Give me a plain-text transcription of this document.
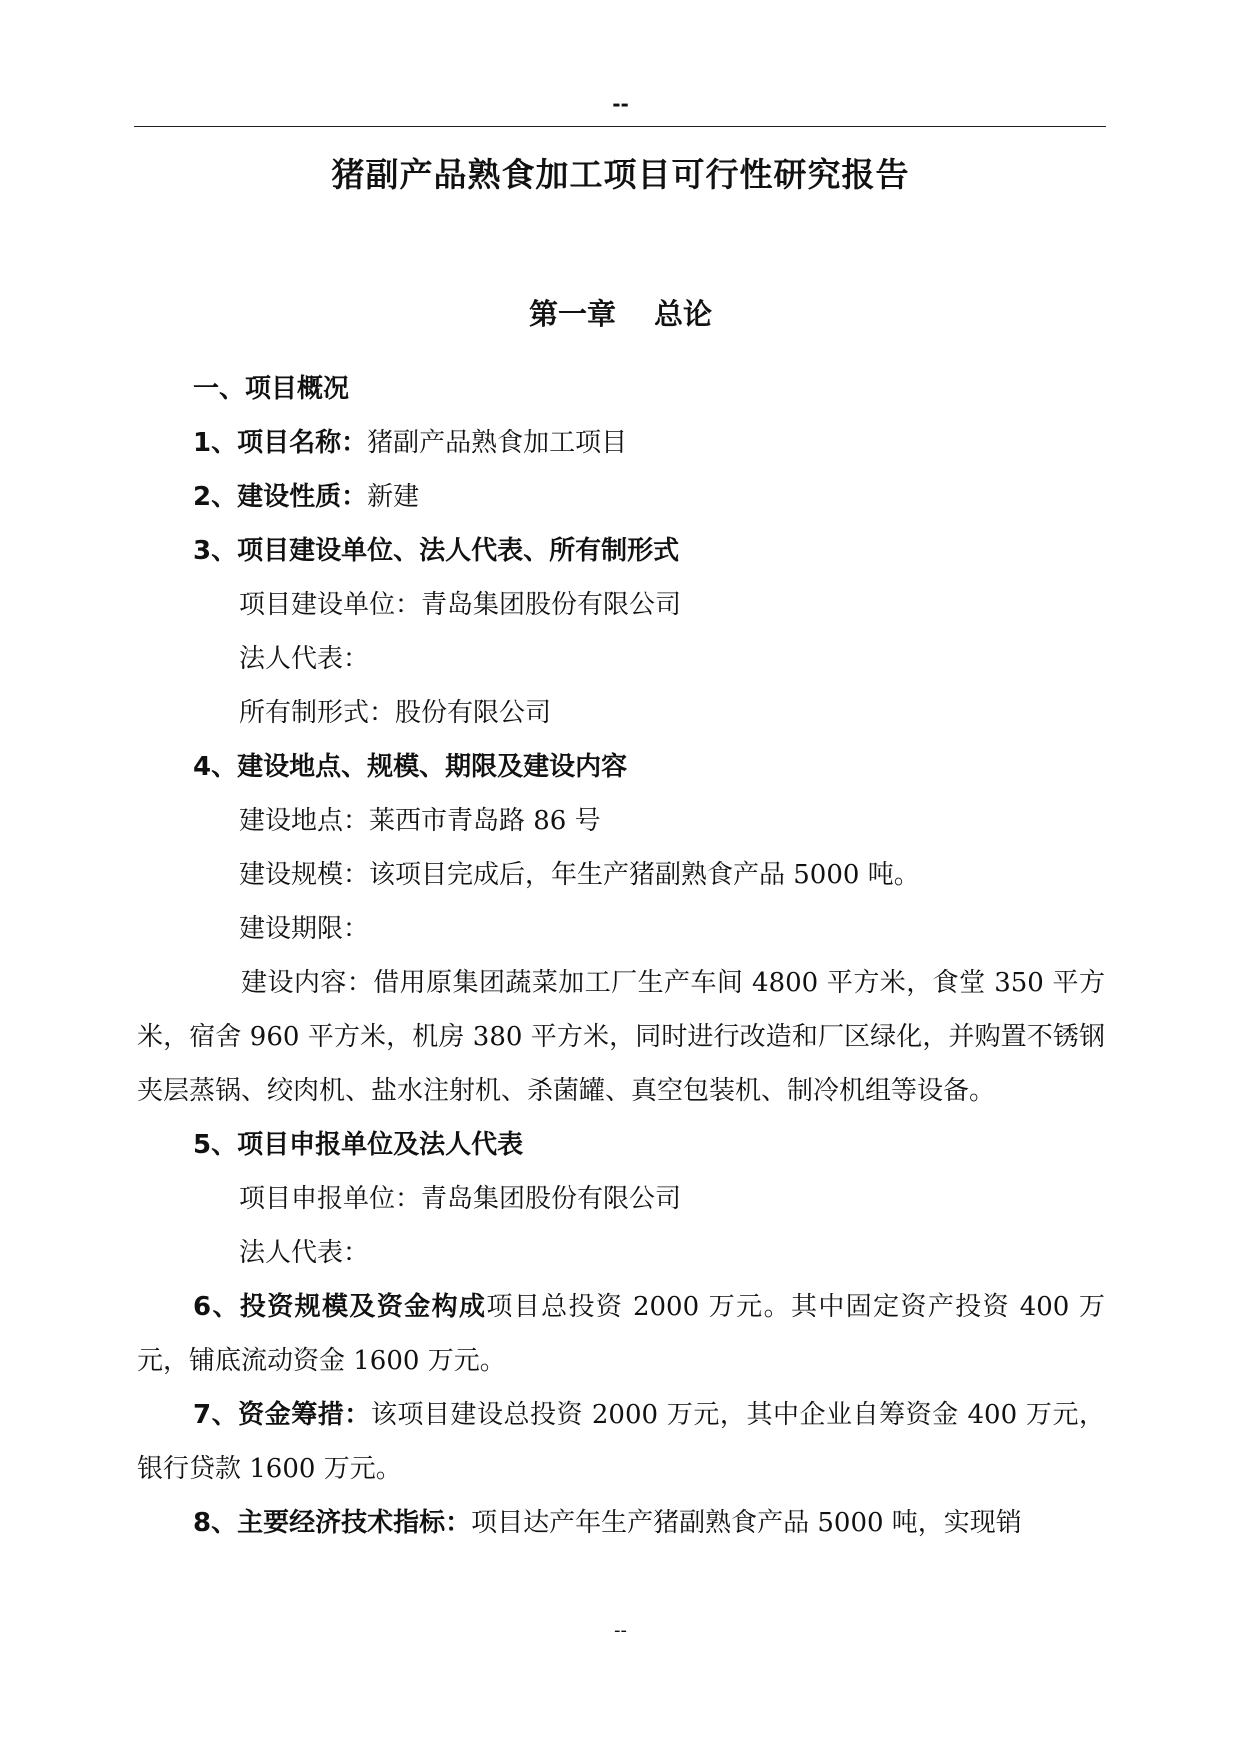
--
猪副产品熟食加工项目可行性研究报告
第一章 总论
一、项目概况
1、项目名称：猪副产品熟食加工项目
2、建设性质：新建
3、项目建设单位、法人代表、所有制形式
项目建设单位：青岛集团股份有限公司
法人代表：
所有制形式：股份有限公司
4、建设地点、规模、期限及建设内容
建设地点：莱西市青岛路 86 号
建设规模：该项目完成后，年生产猪副熟食产品 5000 吨。
建设期限：
建设内容：借用原集团蔬菜加工厂生产车间 4800 平方米，食堂 350 平方米，宿舍 960 平方米，机房 380 平方米，同时进行改造和厂区绿化，并购置不锈钢夹层蒸锅、绞肉机、盐水注射机、杀菌罐、真空包装机、制冷机组等设备。
5、项目申报单位及法人代表
项目申报单位：青岛集团股份有限公司
法人代表：
6、投资规模及资金构成项目总投资 2000 万元。其中固定资产投资 400 万元，铺底流动资金 1600 万元。
7、资金筹措：该项目建设总投资 2000 万元，其中企业自筹资金 400 万元，银行贷款 1600 万元。
8、主要经济技术指标：项目达产年生产猪副熟食产品 5000 吨，实现销
--
